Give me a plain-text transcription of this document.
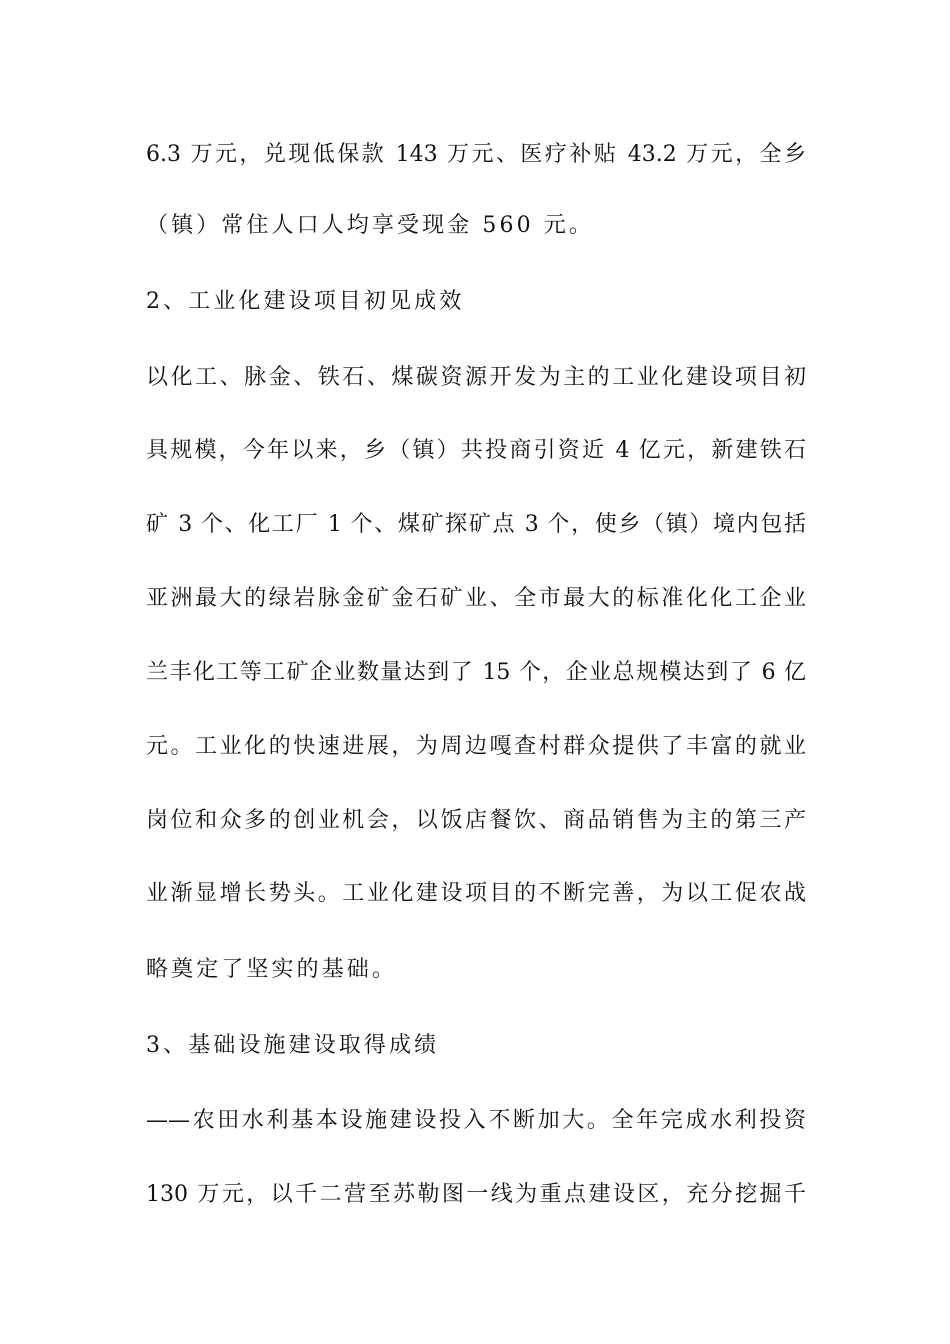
6.3 万元，兑现低保款 143 万元、医疗补贴 43.2 万元，全乡
（镇）常住人口人均享受现金 560 元。
2、工业化建设项目初见成效
以化工、脉金、铁石、煤碳资源开发为主的工业化建设项目初
具规模，今年以来，乡（镇）共投商引资近 4 亿元，新建铁石
矿 3 个、化工厂 1 个、煤矿探矿点 3 个，使乡（镇）境内包括
亚洲最大的绿岩脉金矿金石矿业、全市最大的标准化化工企业
兰丰化工等工矿企业数量达到了 15 个，企业总规模达到了 6 亿
元。工业化的快速进展，为周边嘎查村群众提供了丰富的就业
岗位和众多的创业机会，以饭店餐饮、商品销售为主的第三产
业渐显增长势头。工业化建设项目的不断完善，为以工促农战
略奠定了坚实的基础。
3、基础设施建设取得成绩
——农田水利基本设施建设投入不断加大。全年完成水利投资
130 万元，以千二营至苏勒图一线为重点建设区，充分挖掘千
